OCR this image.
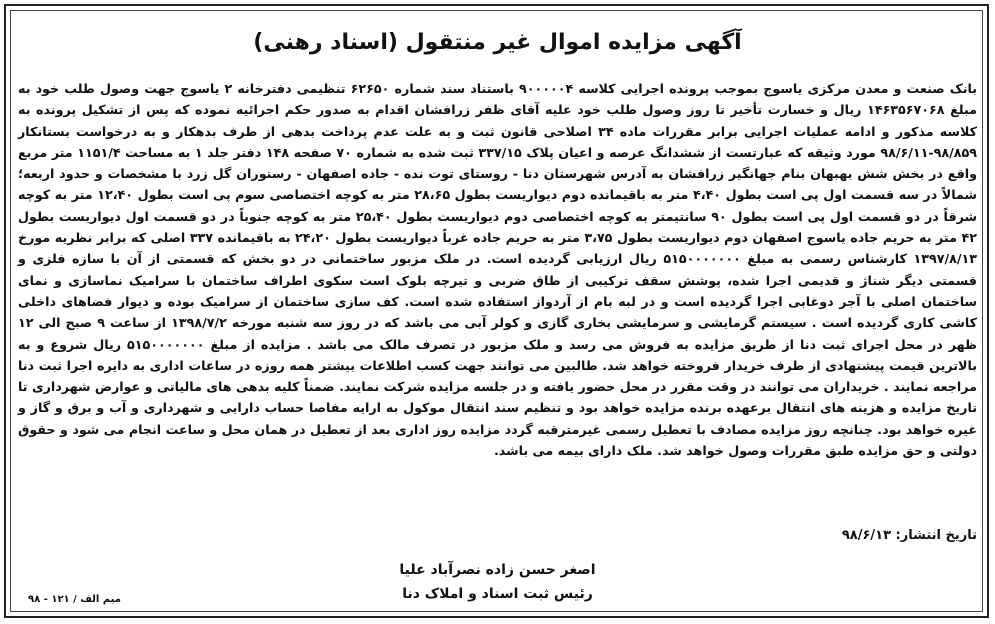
آگهی مزایده اموال غیر منتقول (اسناد رهنی)
بانک صنعت و معدن مرکزی یاسوج بموجب پرونده اجرایی کلاسه ۹۰۰۰۰۰۴ باستناد سند شماره ۶۲۶۵۰ تنظیمی دفترخانه ۲ یاسوج جهت وصول طلب خود به مبلغ ۱۴۶۳۵۶۷۰۶۸ ریال و خسارت تأخیر تا روز وصول طلب خود علیه آقای ظفر زرافشان اقدام به صدور حکم اجرائیه نموده که پس از تشکیل پرونده به کلاسه مذکور و ادامه عملیات اجرایی برابر مقررات ماده ۳۴ اصلاحی قانون ثبت و به علت عدم پرداخت بدهی از طرف بدهکار و به درخواست بستانکار ۹۸/۸۵۹-۹۸/۶/۱۱ مورد وثیقه که عبارتست از ششدانگ عرصه و اعیان پلاک ۳۳۷/۱۵ ثبت شده به شماره ۷۰ صفحه ۱۴۸ دفتر جلد ۱ به مساحت ۱۱۵۱/۴ متر مربع واقع در بخش شش بهبهان بنام جهانگیر زرافشان به آدرس شهرستان دنا - روستای توت نده - جاده اصفهان - رستوران گل زرد با مشخصات و حدود اربعه؛ شمالاً در سه قسمت اول پی است بطول ۴،۴۰ متر به باقیمانده دوم دیواریست بطول ۲۸،۶۵ متر به کوچه اختصاصی سوم پی است بطول ۱۲،۴۰ متر به کوچه شرقاً در دو قسمت اول پی است بطول ۹۰ سانتیمتر به کوچه اختصاصی دوم دیواریست بطول ۲۵،۴۰ متر به کوچه جنوباً در دو قسمت اول دیواریست بطول ۴۲ متر به حریم جاده یاسوج اصفهان دوم دیواریست بطول ۳،۷۵ متر به حریم جاده غرباً دیواریست بطول ۲۴،۲۰ به باقیمانده ۳۳۷ اصلی که برابر نظریه مورخ ۱۳۹۷/۸/۱۳ کارشناس رسمی به مبلغ ۵۱۵۰۰۰۰۰۰۰ ریال ارزیابی گردیده است. در ملک مزبور ساختمانی در دو بخش که قسمتی از آن با سازه فلزی و قسمتی دیگر شناژ و قدیمی اجرا شده، پوشش سقف ترکیبی از طاق ضربی و تیرچه بلوک است سکوی اطراف ساختمان با سرامیک نماسازی و نمای ساختمان اصلی با آجر دوغابی اجرا گردیده است و در لبه بام از آردواز استفاده شده است. کف سازی ساختمان از سرامیک بوده و دیوار فضاهای داخلی کاشی کاری گردیده است . سیستم گرمایشی و سرمایشی بخاری گازی و کولر آبی می باشد که در روز سه شنبه مورخه ۱۳۹۸/۷/۲ از ساعت ۹ صبح الی ۱۲ ظهر در محل اجرای ثبت دنا از طریق مزایده به فروش می رسد و ملک مزبور در تصرف مالک می باشد . مزایده از مبلغ ۵۱۵۰۰۰۰۰۰۰ ریال شروع و به بالاترین قیمت پیشنهادی از طرف خریدار فروخته خواهد شد. طالبین می توانند جهت کسب اطلاعات بیشتر همه روزه در ساعات اداری به دایره اجرا ثبت دنا مراجعه نمایند . خریداران می توانند در وقت مقرر در محل حضور یافته و در جلسه مزایده شرکت نمایند. ضمناً کلیه بدهی های مالیاتی و عوارض شهرداری تا تاریخ مزایده و هزینه های انتقال برعهده برنده مزایده خواهد بود و تنظیم سند انتقال موکول به ارایه مفاصا حساب دارایی و شهرداری و آب و برق و گاز و غیره خواهد بود. چنانچه روز مزایده مصادف با تعطیل رسمی غیرمترقبه گردد مزایده روز اداری بعد از تعطیل در همان محل و ساعت انجام می شود و حقوق دولتی و حق مزایده طبق مقررات وصول خواهد شد. ملک دارای بیمه می باشد.
تاریخ انتشار: ۹۸/۶/۱۳
اصغر حسن زاده نصرآباد علیا
رئیس ثبت اسناد و املاک دنا
میم الف / ۱۲۱ - ۹۸
